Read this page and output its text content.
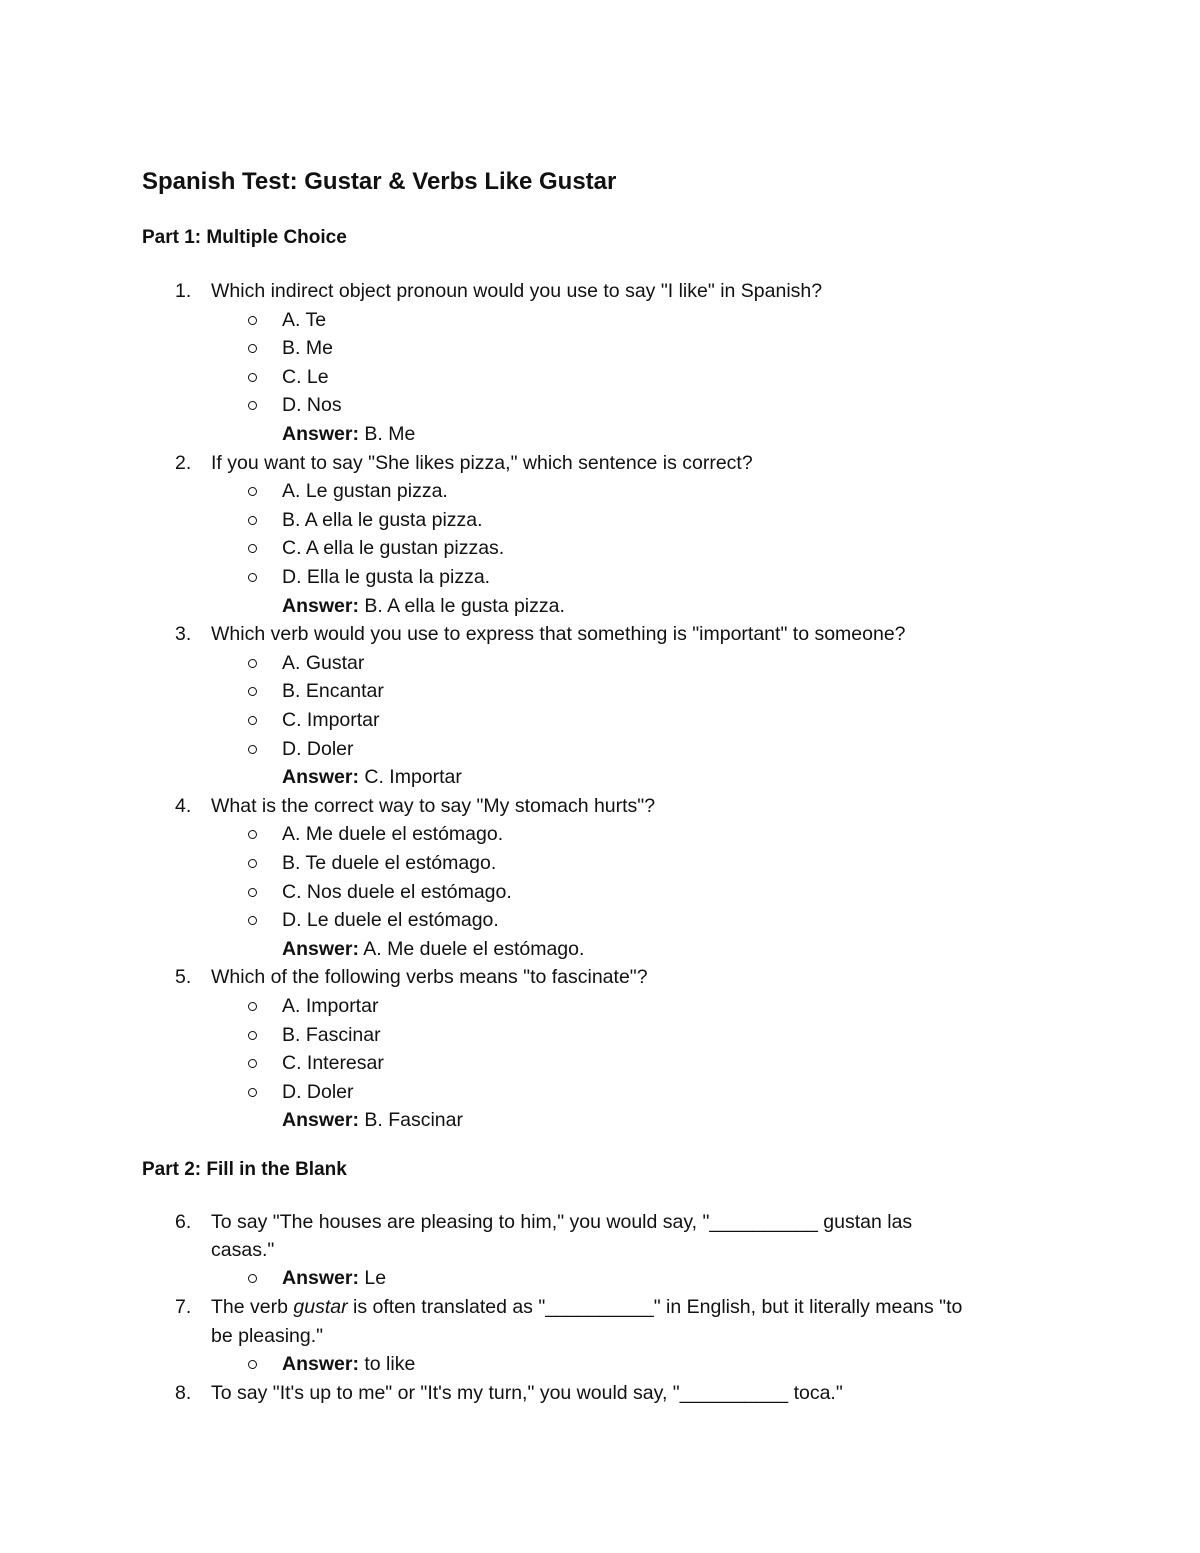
Spanish Test: Gustar & Verbs Like Gustar
Part 1: Multiple Choice
1. Which indirect object pronoun would you use to say "I like" in Spanish?
A. Te
B. Me
C. Le
D. Nos
Answer: B. Me
2. If you want to say "She likes pizza," which sentence is correct?
A. Le gustan pizza.
B. A ella le gusta pizza.
C. A ella le gustan pizzas.
D. Ella le gusta la pizza.
Answer: B. A ella le gusta pizza.
3. Which verb would you use to express that something is "important" to someone?
A. Gustar
B. Encantar
C. Importar
D. Doler
Answer: C. Importar
4. What is the correct way to say "My stomach hurts"?
A. Me duele el estómago.
B. Te duele el estómago.
C. Nos duele el estómago.
D. Le duele el estómago.
Answer: A. Me duele el estómago.
5. Which of the following verbs means "to fascinate"?
A. Importar
B. Fascinar
C. Interesar
D. Doler
Answer: B. Fascinar
Part 2: Fill in the Blank
6. To say "The houses are pleasing to him," you would say, "__________ gustan las
casas."
Answer: Le
7. The verb gustar is often translated as "__________" in English, but it literally means "to
be pleasing."
Answer: to like
8. To say "It's up to me" or "It's my turn," you would say, "__________ toca."
